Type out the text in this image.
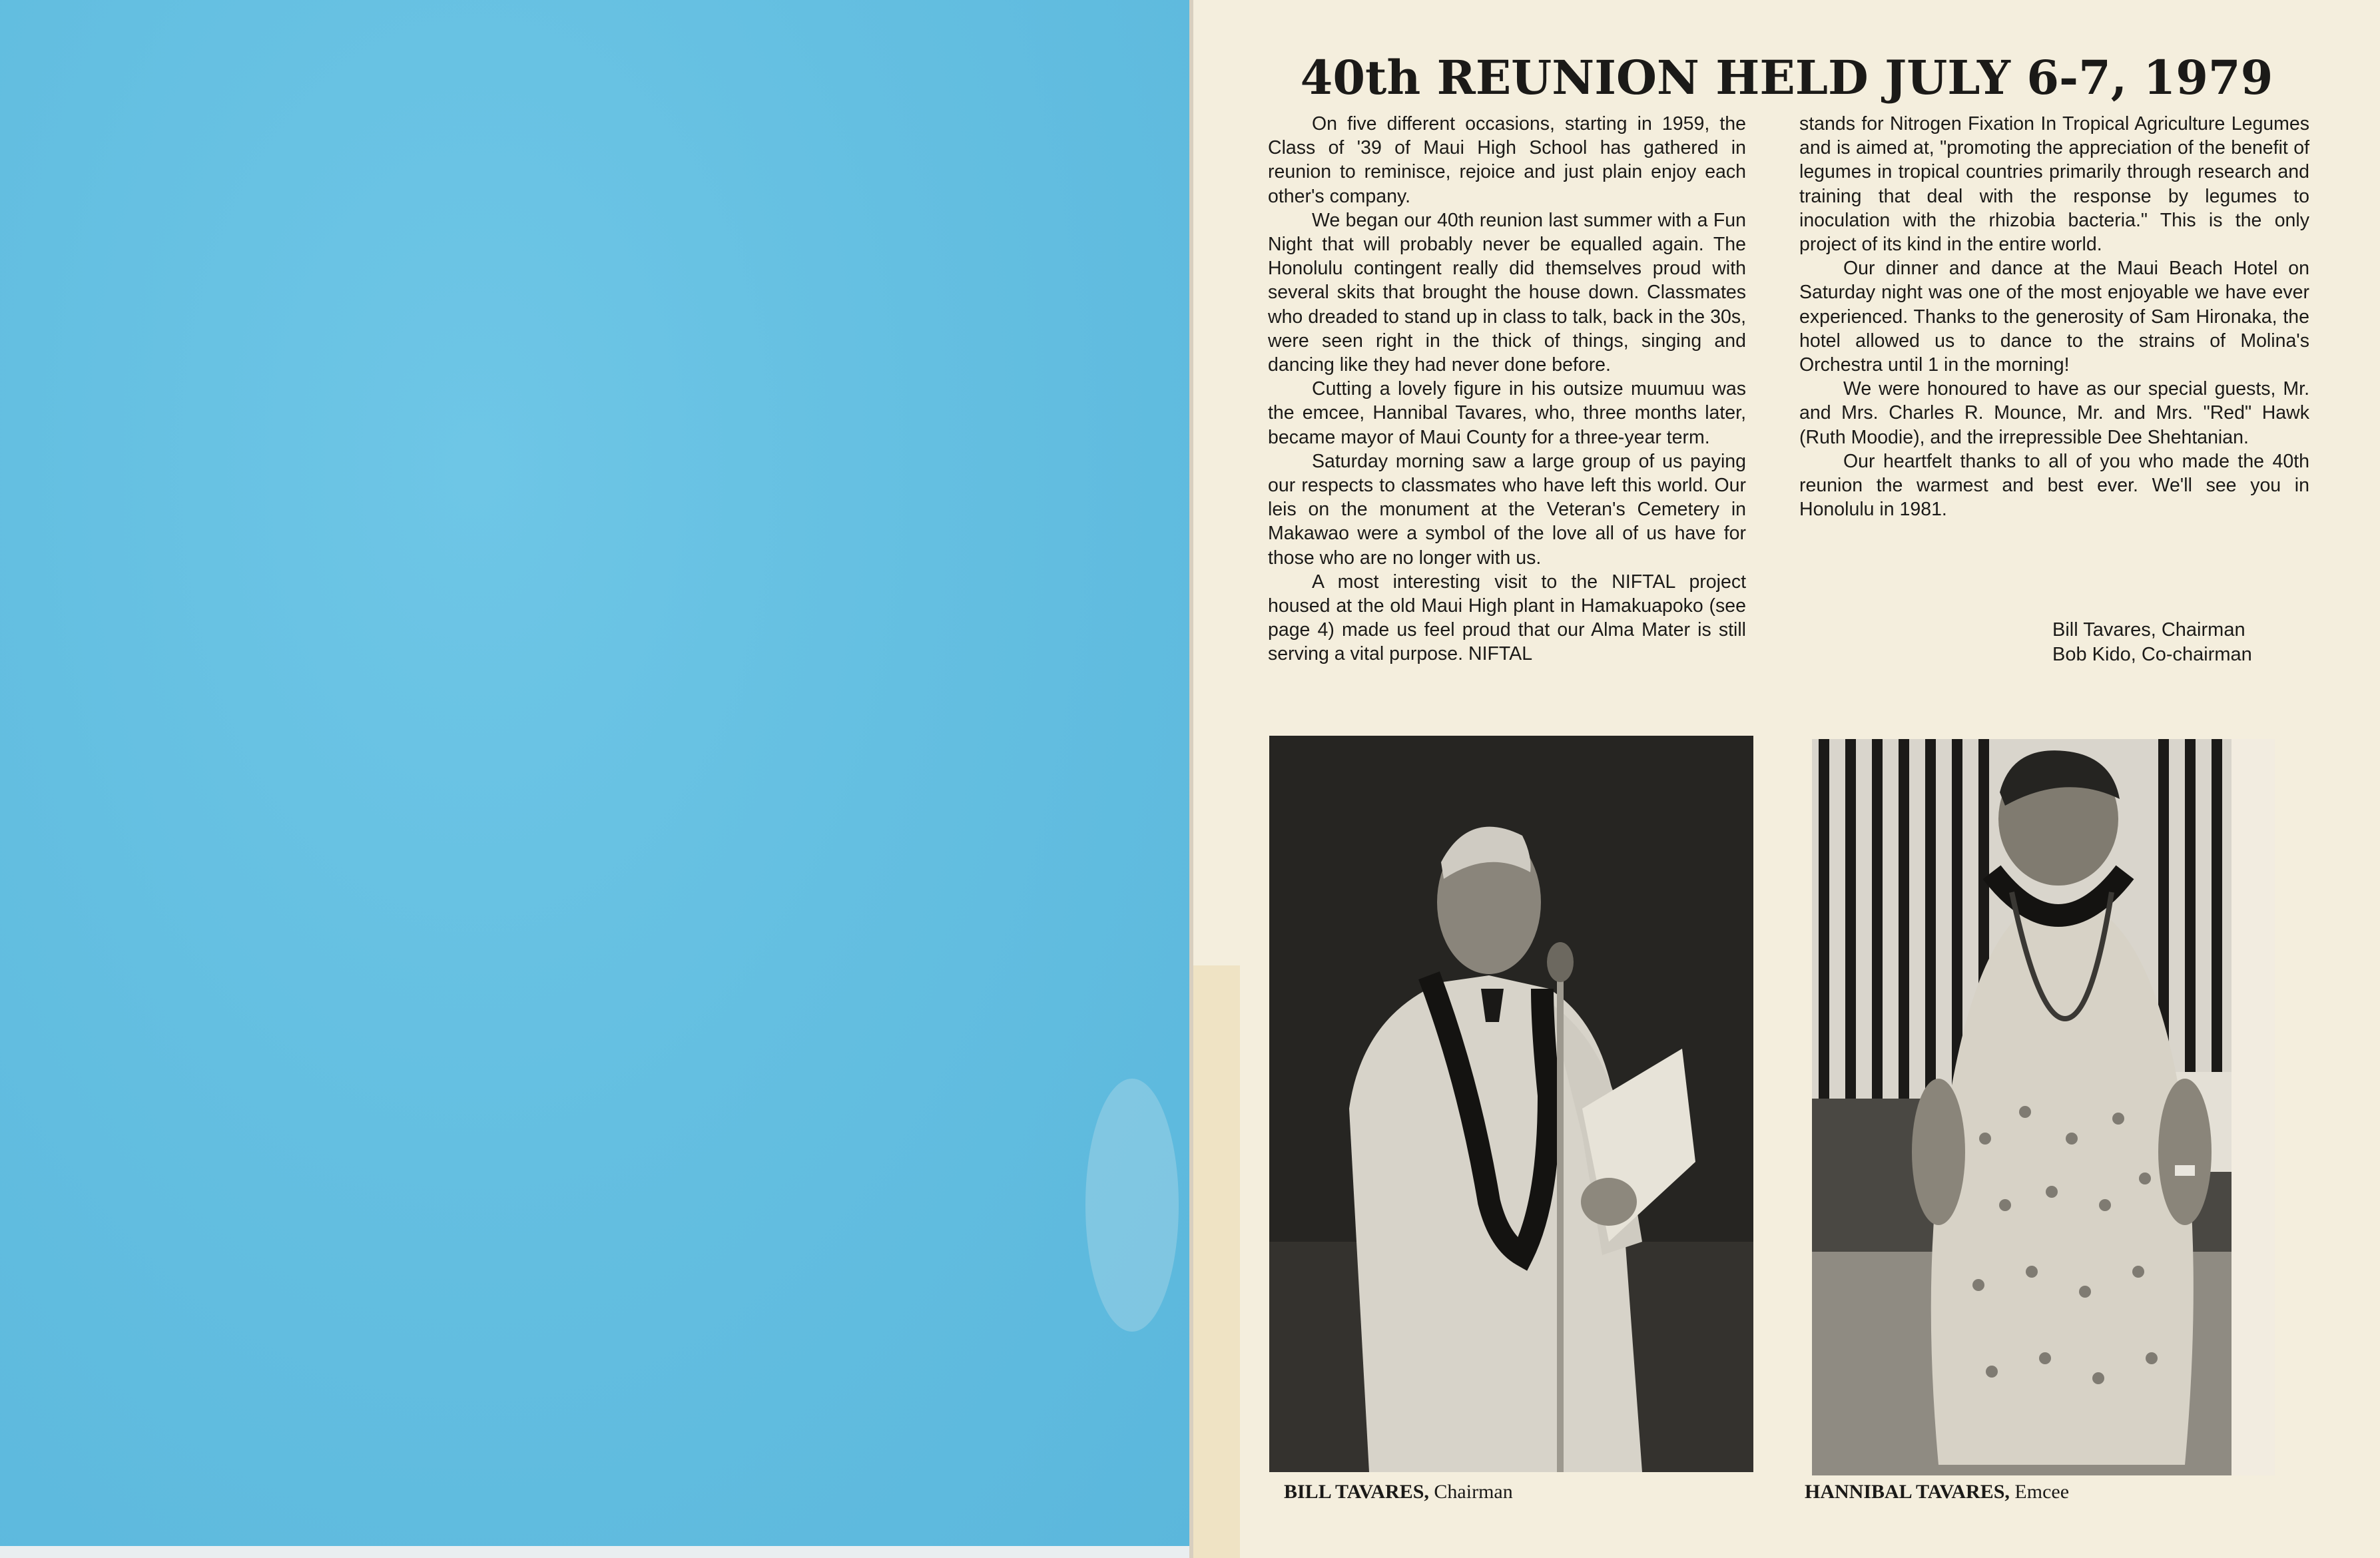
40th REUNION HELD JULY 6-7, 1979

On five different occasions, starting in 1959, the Class of '39 of Maui High School has gathered in reunion to reminisce, rejoice and just plain enjoy each other's company.

We began our 40th reunion last summer with a Fun Night that will probably never be equalled again. The Honolulu contingent really did themselves proud with several skits that brought the house down. Classmates who dreaded to stand up in class to talk, back in the 30s, were seen right in the thick of things, singing and dancing like they had never done before.

Cutting a lovely figure in his outsize muumuu was the emcee, Hannibal Tavares, who, three months later, became mayor of Maui County for a three-year term.

Saturday morning saw a large group of us paying our respects to classmates who have left this world. Our leis on the monument at the Veteran's Cemetery in Makawao were a symbol of the love all of us have for those who are no longer with us.

A most interesting visit to the NIFTAL project housed at the old Maui High plant in Hamakuapoko (see page 4) made us feel proud that our Alma Mater is still serving a vital purpose. NIFTAL

stands for Nitrogen Fixation In Tropical Agriculture Legumes and is aimed at, "promoting the appreciation of the benefit of legumes in tropical countries primarily through research and training that deal with the response by legumes to inoculation with the rhizobia bacteria." This is the only project of its kind in the entire world.

Our dinner and dance at the Maui Beach Hotel on Saturday night was one of the most enjoyable we have ever experienced. Thanks to the generosity of Sam Hironaka, the hotel allowed us to dance to the strains of Molina's Orchestra until 1 in the morning!

We were honoured to have as our special guests, Mr. and Mrs. Charles R. Mounce, Mr. and Mrs. "Red" Hawk (Ruth Moodie), and the irrepressible Dee Shehtanian.

Our heartfelt thanks to all of you who made the 40th reunion the warmest and best ever. We'll see you in Honolulu in 1981.

Bill Tavares, Chairman
Bob Kido, Co-chairman
BILL TAVARES, Chairman	HANNIBAL TAVARES, Emcee
